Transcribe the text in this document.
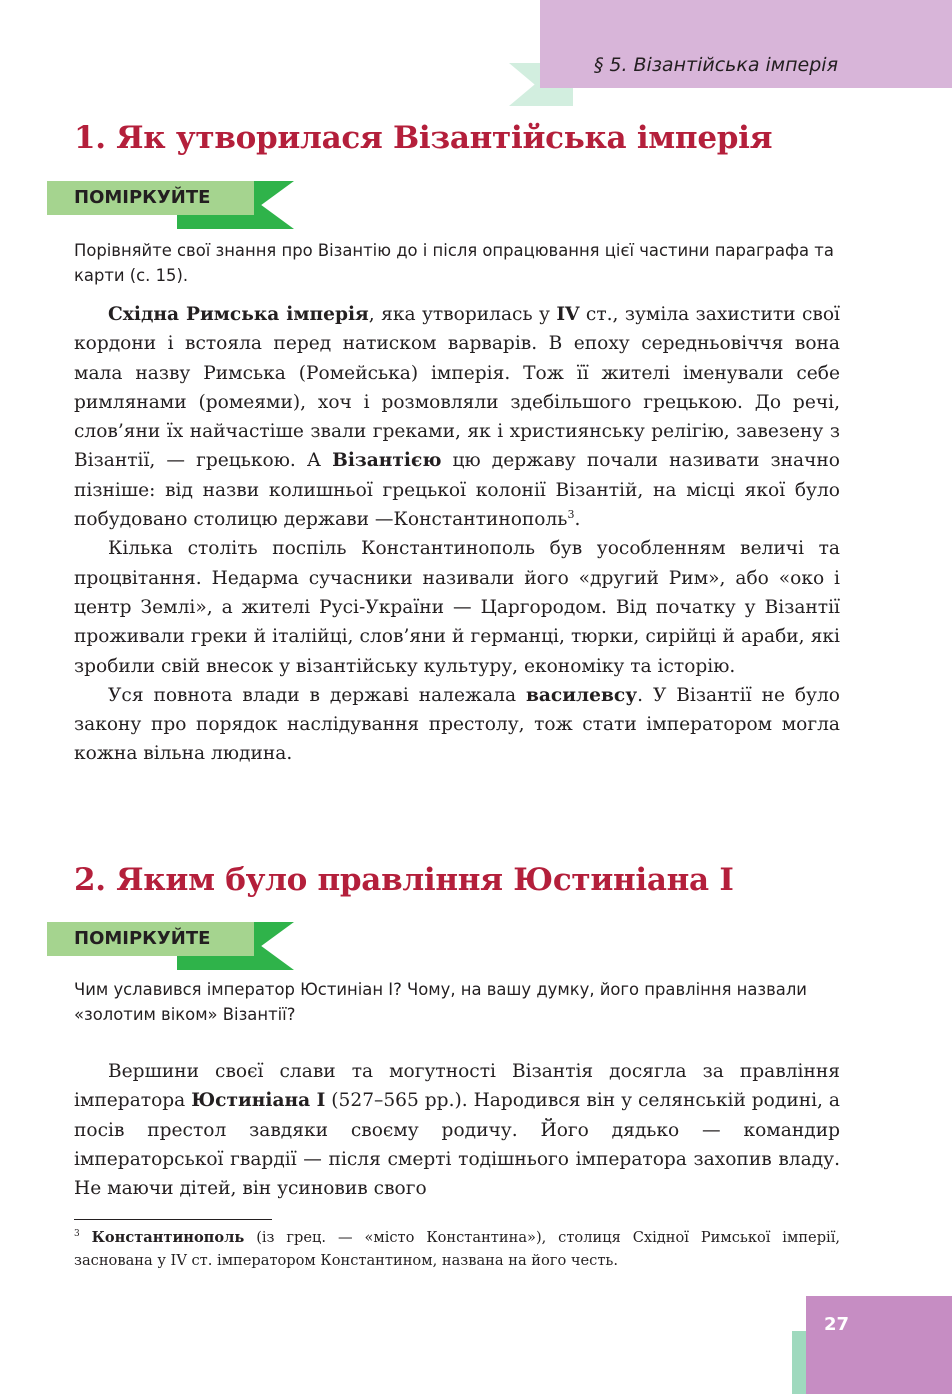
§ 5. Візантійська імперія
1. Як утворилася Візантійська імперія
ПОМІРКУЙТЕ

Порівняйте свої знання про Візантію до і після опрацювання цієї частини параграфа та карти (с. 15).

Східна Римська імперія, яка утворилась у IV ст., зуміла захистити свої кордони і встояла перед натиском варварів. В епоху середньовіччя вона мала назву Римська (Ромейська) імперія. Тож її жителі іменували себе римлянами (ромеями), хоч і розмовляли здебільшого грецькою. До речі, слов’яни їх найчастіше звали греками, як і християнську релігію, завезену з Візантії, — грецькою. А Візантією цю державу почали називати значно пізніше: від назви колишньої грецької колонії Візантій, на місці якої було побудовано столицю держави —Константинополь$^3$.

Кілька століть поспіль Константинополь був уособленням величі та процвітання. Недарма сучасники називали його «другий Рим», або «око і центр Землі», а жителі Русі-України — Царгородом. Від початку у Візантії проживали греки й італійці, слов’яни й германці, тюрки, сирійці й араби, які зробили свій внесок у візантійську культуру, економіку та історію.

Уся повнота влади в державі належала василевсу. У Візантії не було закону про порядок наслідування престолу, тож стати імператором могла кожна вільна людина.

2. Яким було правління Юстиніана I
ПОМІРКУЙТЕ

Чим уславився імператор Юстиніан I? Чому, на вашу думку, його правління назвали «золотим віком» Візантії?

Вершини своєї слави та могутності Візантія досягла за правління імператора Юстиніана I (527–565 рр.). Народився він у селянській родині, а посів престол завдяки своєму родичу. Його дядько — командир імператорської гвардії — після смерті тодішнього імператора захопив владу. Не маючи дітей, він усиновив свого

$^3$ Константинополь (із грец. — «місто Константина»), столиця Східної Римської імперії, заснована у IV ст. імператором Константином, названа на його честь.

27
